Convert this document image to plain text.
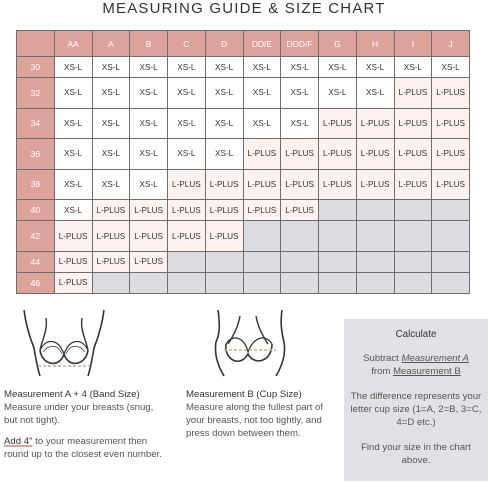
MEASURING GUIDE & SIZE CHART
	AA	A	B	C	D	DD/E	DDD/F	G	H	I	J
30	XS-L	XS-L	XS-L	XS-L	XS-L	XS-L	XS-L	XS-L	XS-L	XS-L	XS-L
32	XS-L	XS-L	XS-L	XS-L	XS-L	XS-L	XS-L	XS-L	XS-L	L-PLUS	L-PLUS
34	XS-L	XS-L	XS-L	XS-L	XS-L	XS-L	XS-L	L-PLUS	L-PLUS	L-PLUS	L-PLUS
36	XS-L	XS-L	XS-L	XS-L	XS-L	L-PLUS	L-PLUS	L-PLUS	L-PLUS	L-PLUS	L-PLUS
38	XS-L	XS-L	XS-L	L-PLUS	L-PLUS	L-PLUS	L-PLUS	L-PLUS	L-PLUS	L-PLUS	L-PLUS
40	XS-L	L-PLUS	L-PLUS	L-PLUS	L-PLUS	L-PLUS	L-PLUS				
42	L-PLUS	L-PLUS	L-PLUS	L-PLUS	L-PLUS						
44	L-PLUS	L-PLUS	L-PLUS								
46	L-PLUS										
Measurement A + 4 (Band Size)
Measure under your breasts (snug, but not tight).
Add 4" to your measurement then round up to the closest even number.
Measurement B (Cup Size)
Measure along the fullest part of your breasts, not too tightly, and press down between them.
Calculate
Subtract Measurement A
from Measurement B
The difference represents your letter cup size (1=A, 2=B, 3=C, 4=D etc.)
Find your size in the chart above.
